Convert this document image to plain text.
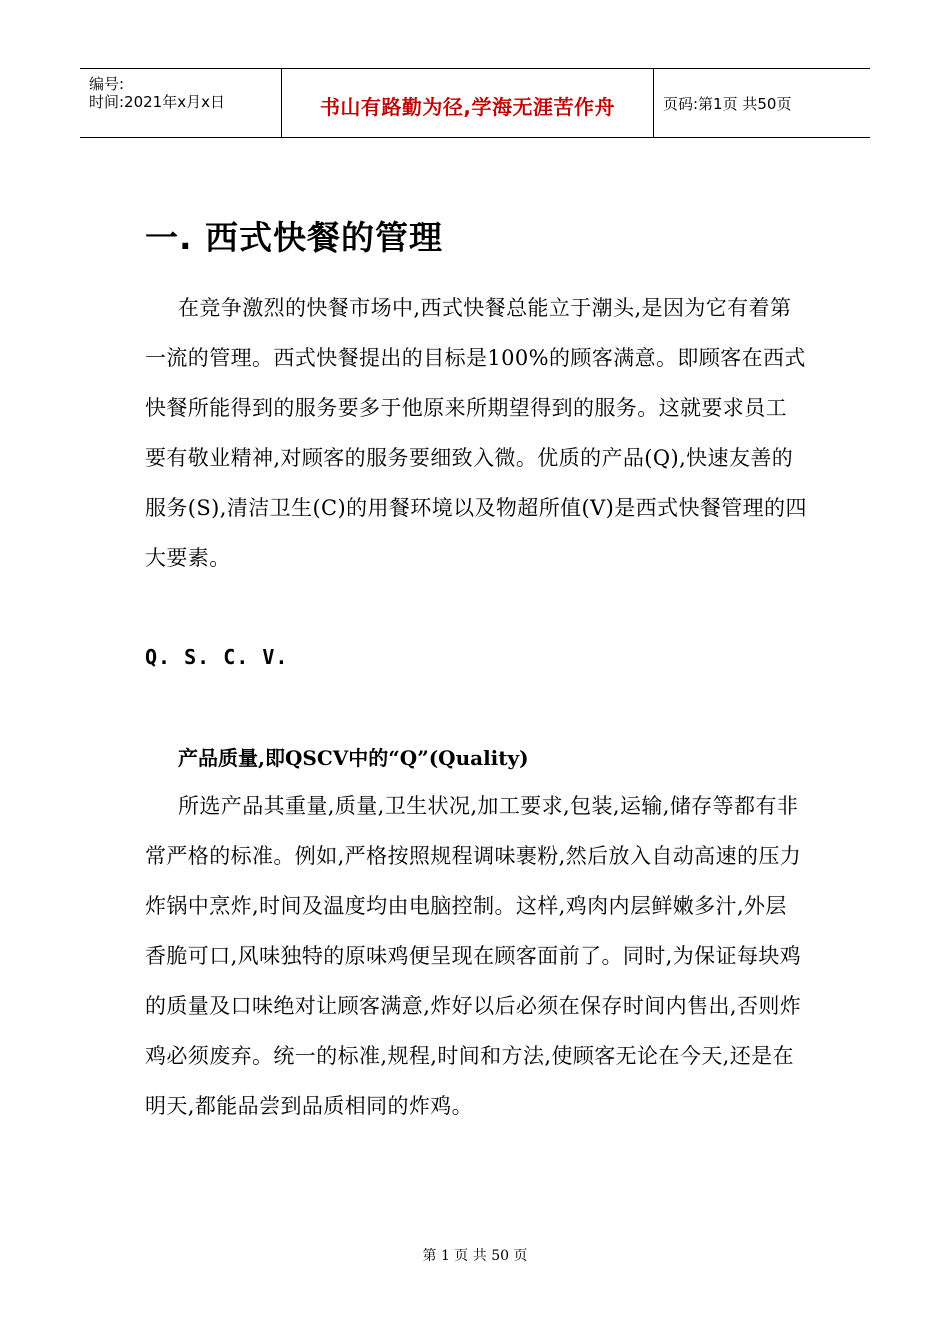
编号:
时间:2021年x月x日	书山有路勤为径,学海无涯苦作舟	页码:第1页 共50页
一. 西式快餐的管理
在竞争激烈的快餐市场中,西式快餐总能立于潮头,是因为它有着第一流的管理。西式快餐提出的目标是100%的顾客满意。即顾客在西式快餐所能得到的服务要多于他原来所期望得到的服务。这就要求员工要有敬业精神,对顾客的服务要细致入微。优质的产品(Q),快速友善的服务(S),清洁卫生(C)的用餐环境以及物超所值(V)是西式快餐管理的四大要素。
Q. S. C. V.
产品质量,即QSCV中的“Q”(Quality)
所选产品其重量,质量,卫生状况,加工要求,包装,运输,储存等都有非常严格的标准。例如,严格按照规程调味裹粉,然后放入自动高速的压力炸锅中烹炸,时间及温度均由电脑控制。这样,鸡肉内层鲜嫩多汁,外层香脆可口,风味独特的原味鸡便呈现在顾客面前了。同时,为保证每块鸡的质量及口味绝对让顾客满意,炸好以后必须在保存时间内售出,否则炸鸡必须废弃。统一的标准,规程,时间和方法,使顾客无论在今天,还是在明天,都能品尝到品质相同的炸鸡。
第 1 页 共 50 页
